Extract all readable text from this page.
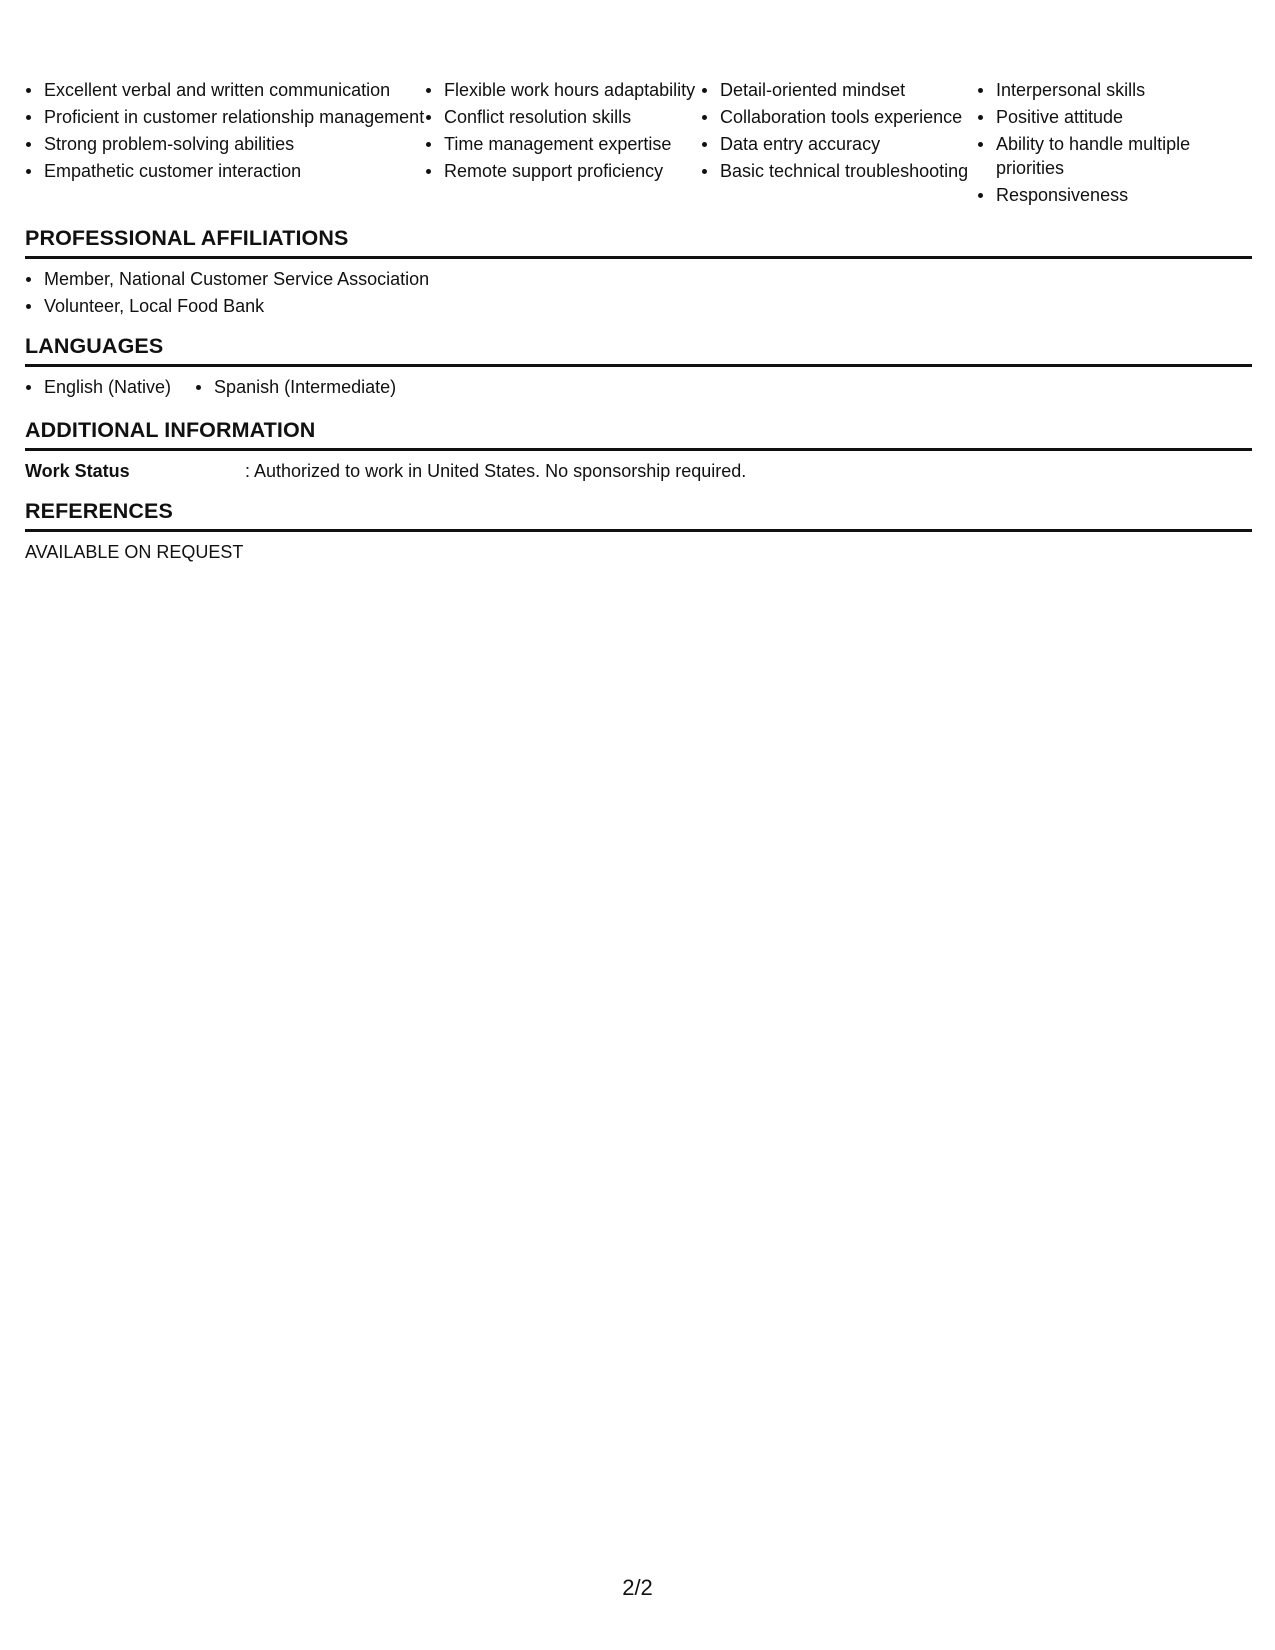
Excellent verbal and written communication
Proficient in customer relationship management
Strong problem-solving abilities
Empathetic customer interaction
Flexible work hours adaptability
Conflict resolution skills
Time management expertise
Remote support proficiency
Detail-oriented mindset
Collaboration tools experience
Data entry accuracy
Basic technical troubleshooting
Interpersonal skills
Positive attitude
Ability to handle multiple priorities
Responsiveness
PROFESSIONAL AFFILIATIONS
Member, National Customer Service Association
Volunteer, Local Food Bank
LANGUAGES
English (Native)	Spanish (Intermediate)
ADDITIONAL INFORMATION
Work Status	: Authorized to work in United States. No sponsorship required.
REFERENCES
AVAILABLE ON REQUEST
2/2
